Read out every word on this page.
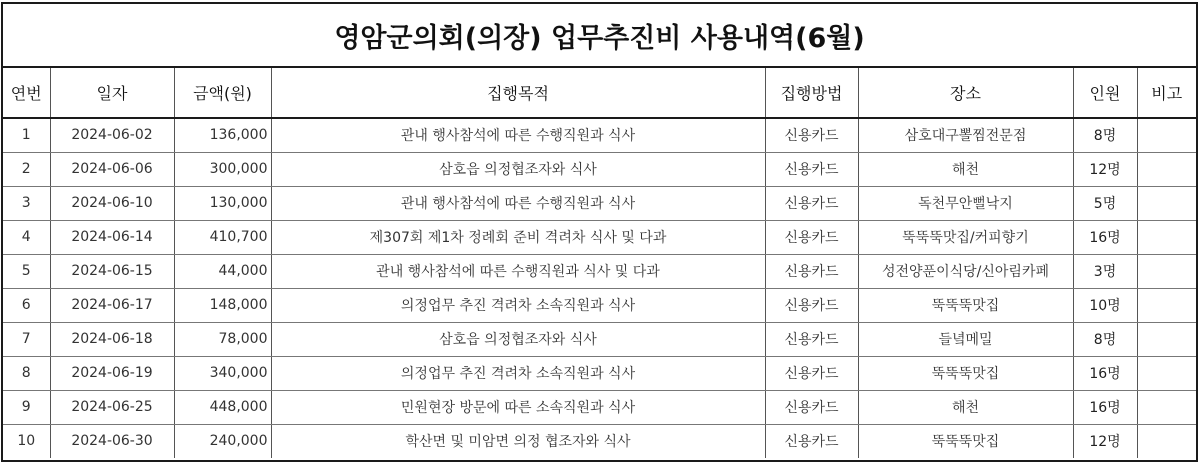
영암군의회(의장) 업무추진비 사용내역(6월)
연번	일자	금액(원)	집행목적	집행방법	장소	인원	비고
1	2024-06-02	136,000	관내 행사참석에 따른 수행직원과 식사	신용카드	삼호대구뽈찜전문점	8명	
2	2024-06-06	300,000	삼호읍 의정협조자와 식사	신용카드	해천	12명	
3	2024-06-10	130,000	관내 행사참석에 따른 수행직원과 식사	신용카드	독천무안뻘낙지	5명	
4	2024-06-14	410,700	제307회 제1차 정례회 준비 격려차 식사 및 다과	신용카드	뚝뚝뚝맛집/커피향기	16명	
5	2024-06-15	44,000	관내 행사참석에 따른 수행직원과 식사 및 다과	신용카드	성전양푼이식당/신아림카페	3명	
6	2024-06-17	148,000	의정업무 추진 격려차 소속직원과 식사	신용카드	뚝뚝뚝맛집	10명	
7	2024-06-18	78,000	삼호읍 의정협조자와 식사	신용카드	들녘메밀	8명	
8	2024-06-19	340,000	의정업무 추진 격려차 소속직원과 식사	신용카드	뚝뚝뚝맛집	16명	
9	2024-06-25	448,000	민원현장 방문에 따른 소속직원과 식사	신용카드	해천	16명	
10	2024-06-30	240,000	학산면 및 미암면 의정 협조자와 식사	신용카드	뚝뚝뚝맛집	12명	
